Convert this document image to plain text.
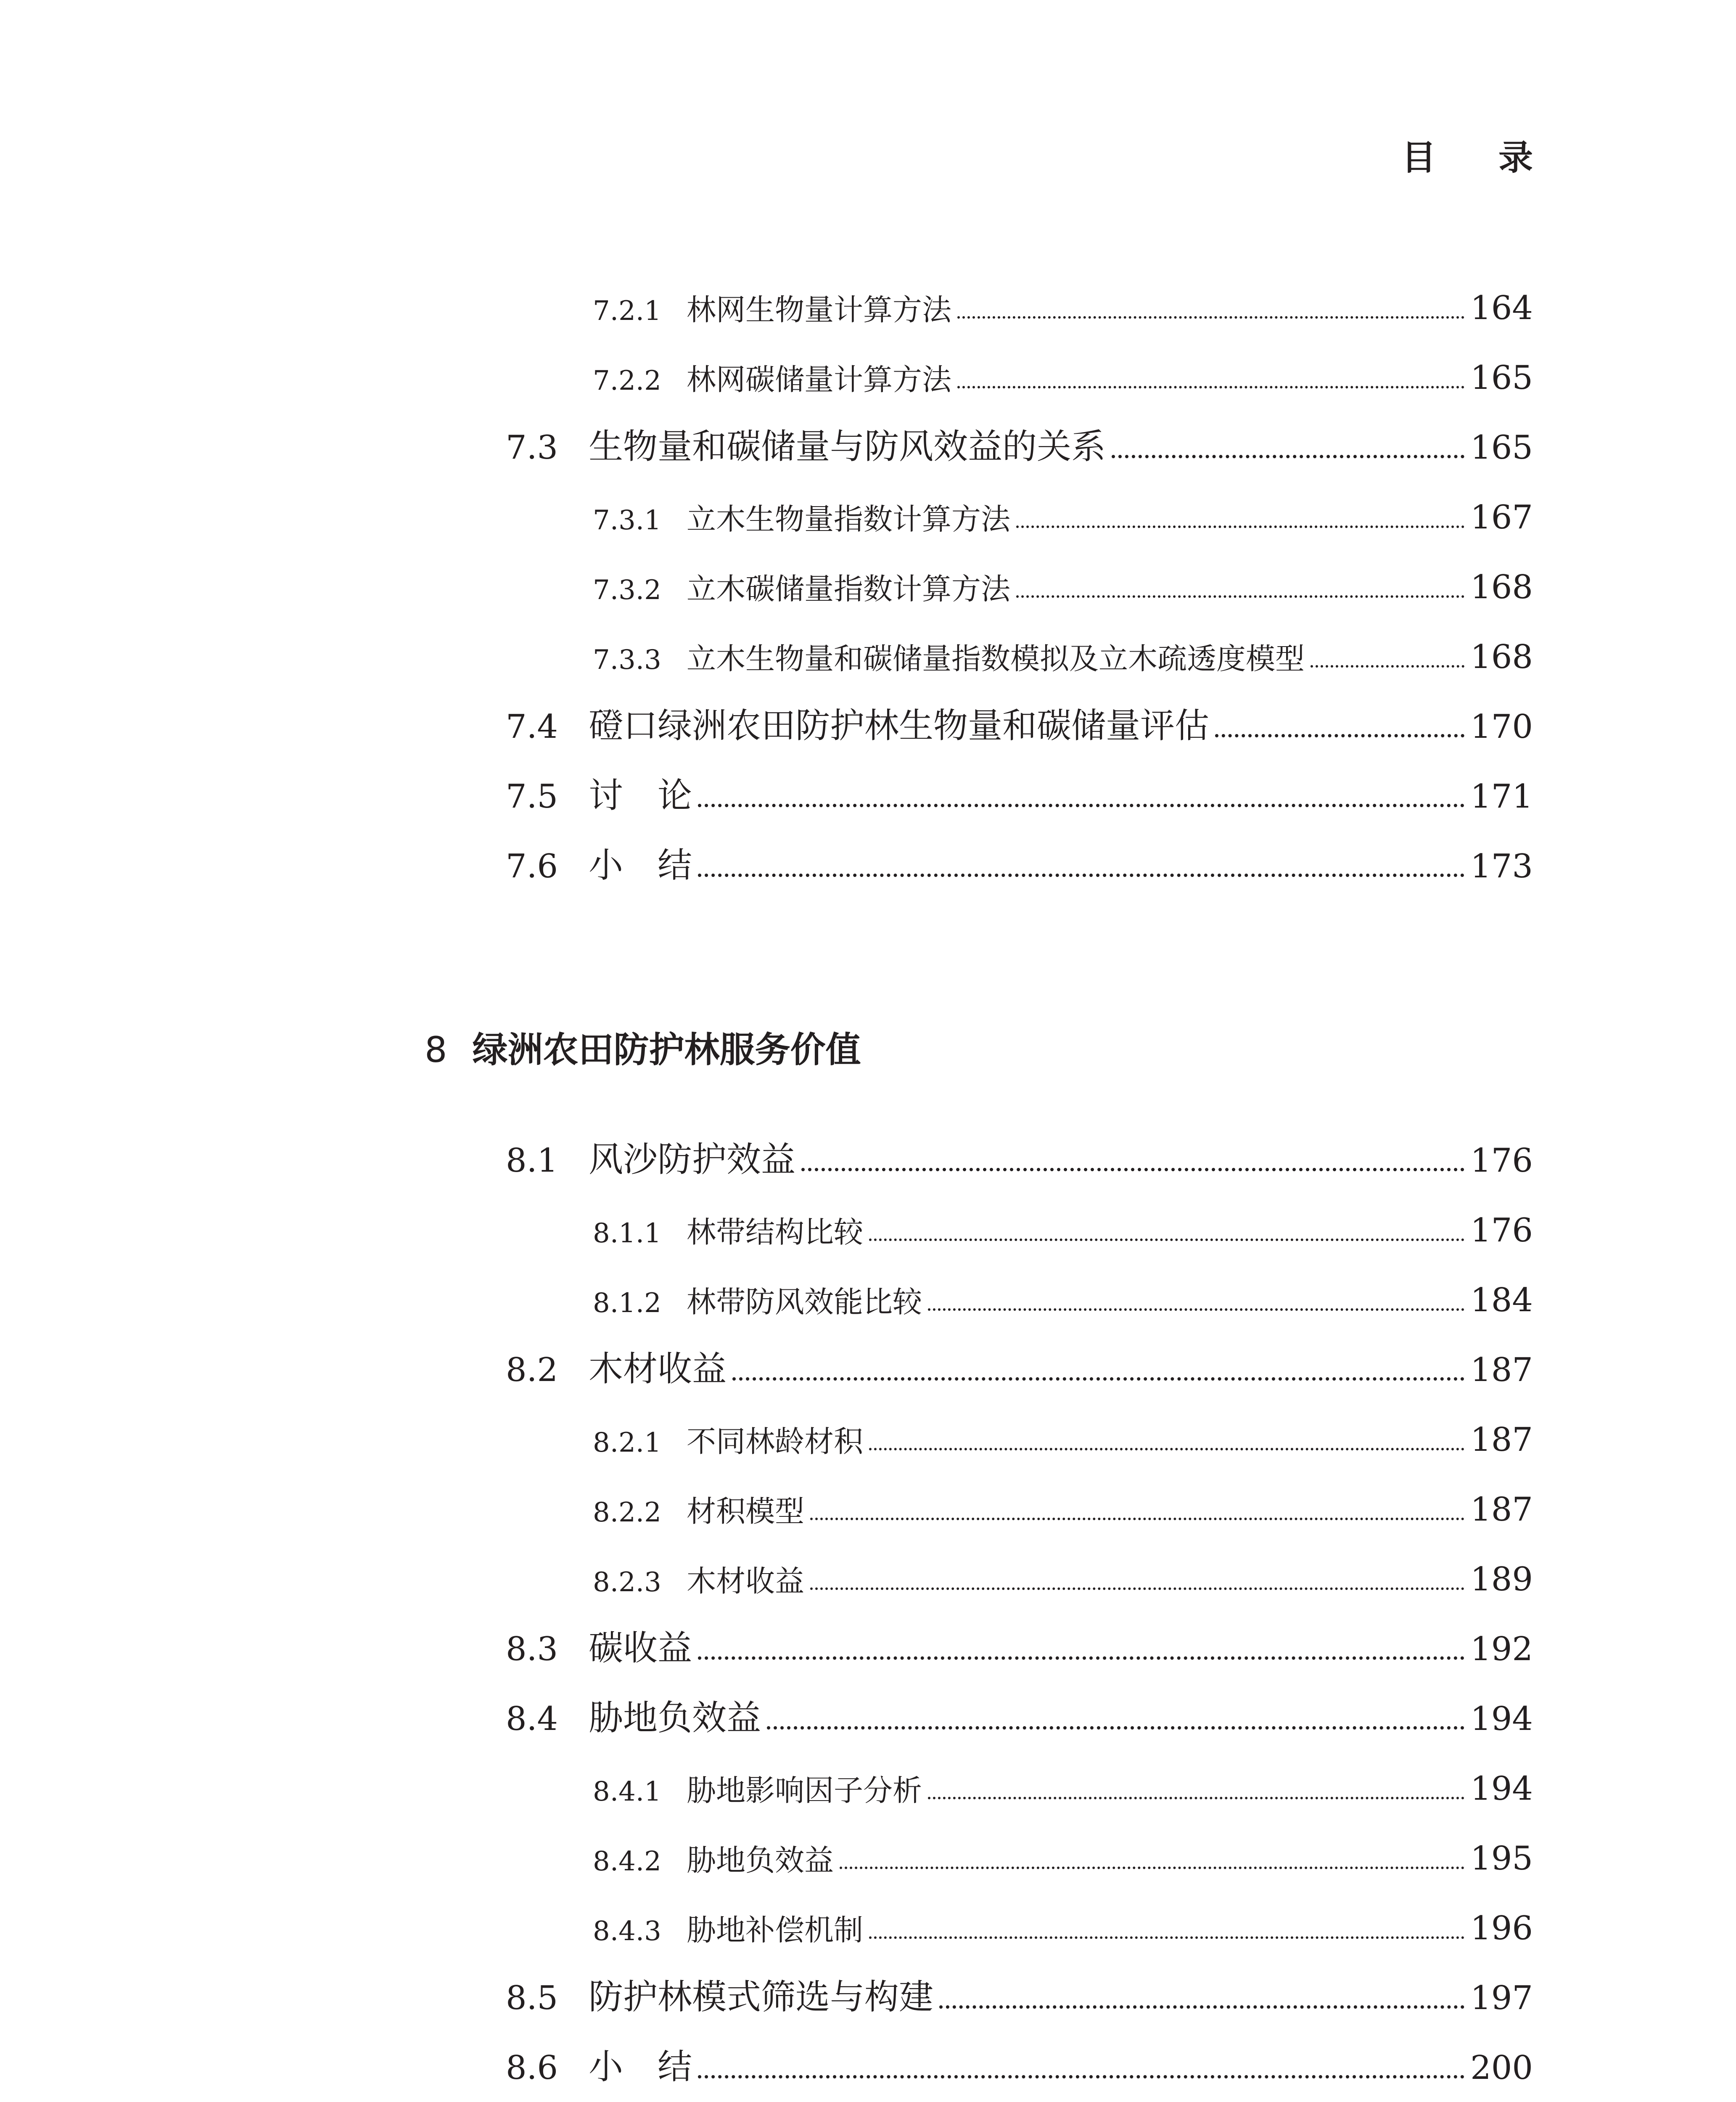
目 录
7.2.1 林网生物量计算方法	164
7.2.2 林网碳储量计算方法	165
7.3 生物量和碳储量与防风效益的关系	165
7.3.1 立木生物量指数计算方法	167
7.3.2 立木碳储量指数计算方法	168
7.3.3 立木生物量和碳储量指数模拟及立木疏透度模型	168
7.4 磴口绿洲农田防护林生物量和碳储量评估	170
7.5 讨　论	171
7.6 小　结	173
8 绿洲农田防护林服务价值
8.1 风沙防护效益	176
8.1.1 林带结构比较	176
8.1.2 林带防风效能比较	184
8.2 木材收益	187
8.2.1 不同林龄材积	187
8.2.2 材积模型	187
8.2.3 木材收益	189
8.3 碳收益	192
8.4 胁地负效益	194
8.4.1 胁地影响因子分析	194
8.4.2 胁地负效益	195
8.4.3 胁地补偿机制	196
8.5 防护林模式筛选与构建	197
8.6 小　结	200
